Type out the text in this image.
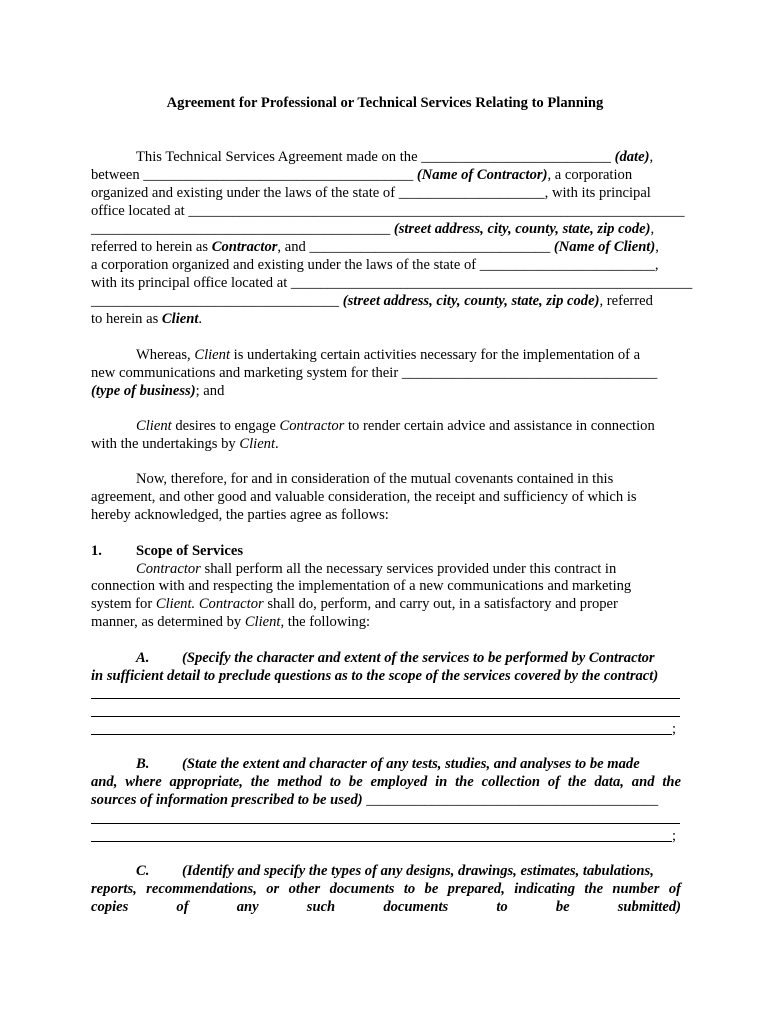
Agreement for Professional or Technical Services Relating to Planning
This Technical Services Agreement made on the __________________________ (date),
between _____________________________________ (Name of Contractor), a corporation
organized and existing under the laws of the state of ____________________, with its principal
office located at ____________________________________________________________________
_________________________________________ (street address, city, county, state, zip code),
referred to herein as Contractor, and _________________________________ (Name of Client),
a corporation organized and existing under the laws of the state of ________________________,
with its principal office located at _______________________________________________________
__________________________________ (street address, city, county, state, zip code), referred
to herein as Client.
Whereas, Client is undertaking certain activities necessary for the implementation of a
new communications and marketing system for their ___________________________________
(type of business); and
Client desires to engage Contractor to render certain advice and assistance in connection
with the undertakings by Client.
Now, therefore, for and in consideration of the mutual covenants contained in this
agreement, and other good and valuable consideration, the receipt and sufficiency of which is
hereby acknowledged, the parties agree as follows:
1. Scope of Services
Contractor shall perform all the necessary services provided under this contract in
connection with and respecting the implementation of a new communications and marketing
system for Client. Contractor shall do, perform, and carry out, in a satisfactory and proper
manner, as determined by Client, the following:
A. (Specify the character and extent of the services to be performed by Contractor
in sufficient detail to preclude questions as to the scope of the services covered by the contract)
;
B. (State the extent and character of any tests, studies, and analyses to be made
and, where appropriate, the method to be employed in the collection of the data, and the
sources of information prescribed to be used) ________________________________________
;
C. (Identify and specify the types of any designs, drawings, estimates, tabulations,
reports, recommendations, or other documents to be prepared, indicating the number of
copies of any such documents to be submitted)
